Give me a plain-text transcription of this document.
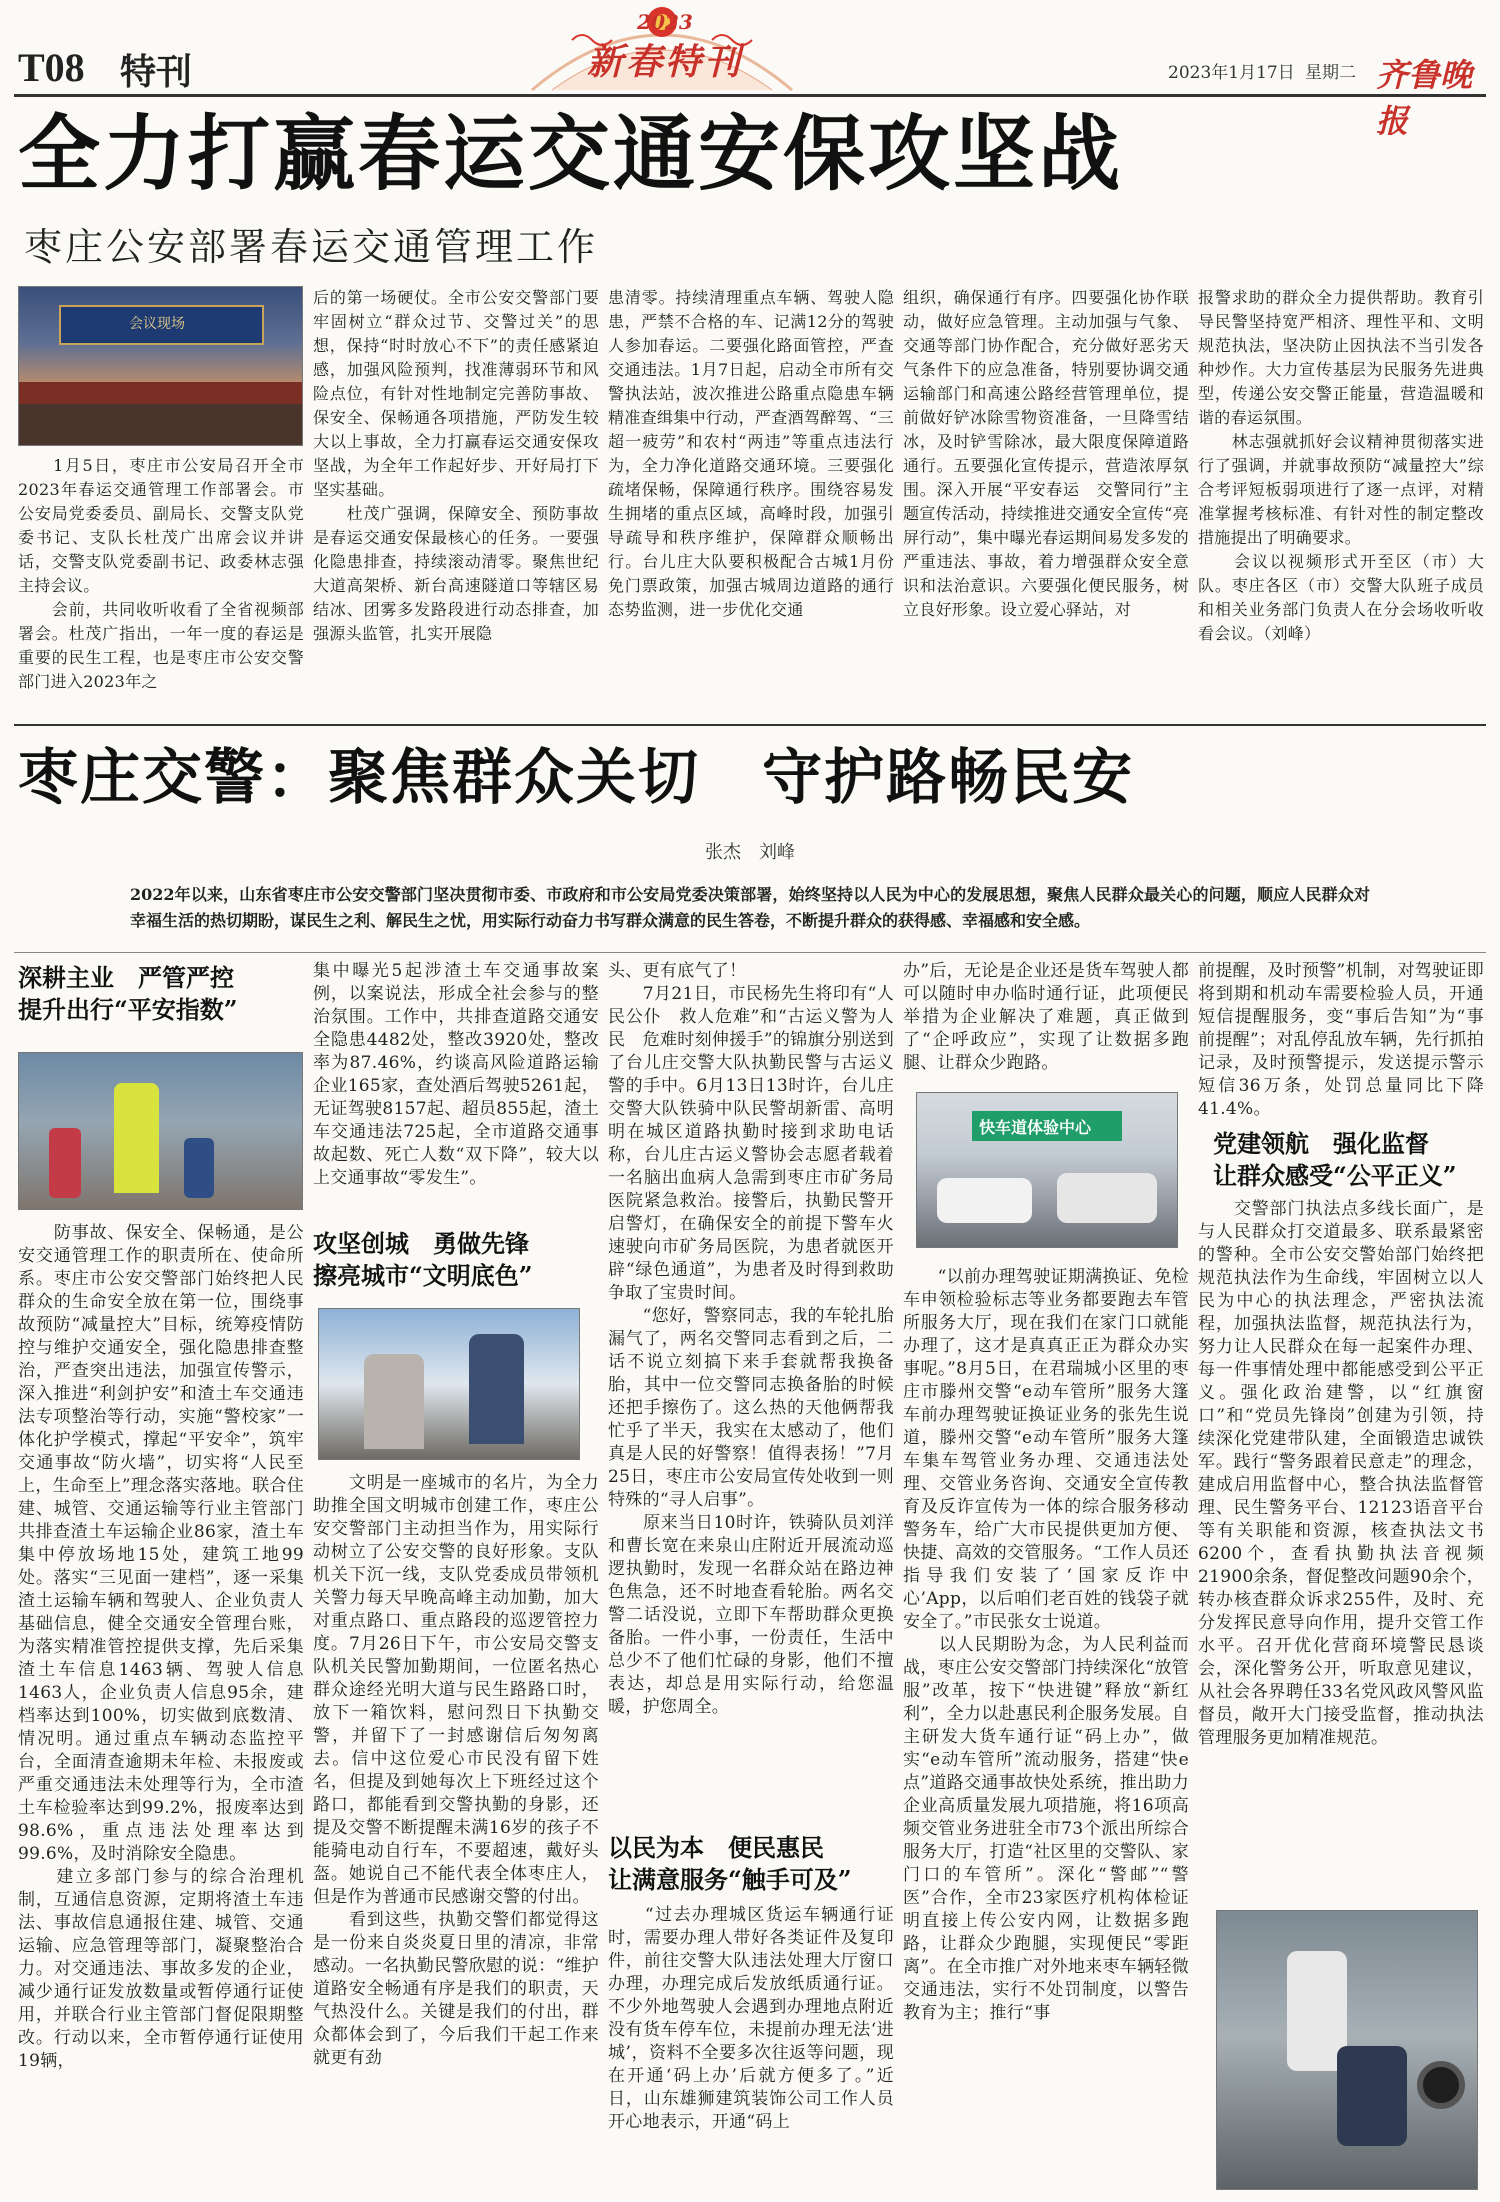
T08 特刊
2023
新春特刊	2023年1月17日 星期二 齐鲁晚报
全力打赢春运交通安保攻坚战
枣庄公安部署春运交通管理工作
会议现场
　　1月5日，枣庄市公安局召开全市2023年春运交通管理工作部署会。市公安局党委委员、副局长、交警支队党委书记、支队长杜茂广出席会议并讲话，交警支队党委副书记、政委林志强主持会议。
　　会前，共同收听收看了全省视频部署会。杜茂广指出，一年一度的春运是重要的民生工程，也是枣庄市公安交警部门进入2023年之
后的第一场硬仗。全市公安交警部门要牢固树立“群众过节、交警过关”的思想，保持“时时放心不下”的责任感紧迫感，加强风险预判，找准薄弱环节和风险点位，有针对性地制定完善防事故、保安全、保畅通各项措施，严防发生较大以上事故，全力打赢春运交通安保攻坚战，为全年工作起好步、开好局打下坚实基础。
　　杜茂广强调，保障安全、预防事故是春运交通安保最核心的任务。一要强化隐患排查，持续滚动清零。聚焦世纪大道高架桥、新台高速隧道口等辖区易结冰、团雾多发路段进行动态排查，加强源头监管，扎实开展隐
患清零。持续清理重点车辆、驾驶人隐患，严禁不合格的车、记满12分的驾驶人参加春运。二要强化路面管控，严查交通违法。1月7日起，启动全市所有交警执法站，波次推进公路重点隐患车辆精准查缉集中行动，严查酒驾醉驾、“三超一疲劳”和农村“两违”等重点违法行为，全力净化道路交通环境。三要强化疏堵保畅，保障通行秩序。围绕容易发生拥堵的重点区域，高峰时段，加强引导疏导和秩序维护，保障群众顺畅出行。台儿庄大队要积极配合古城1月份免门票政策，加强古城周边道路的通行态势监测，进一步优化交通
组织，确保通行有序。四要强化协作联动，做好应急管理。主动加强与气象、交通等部门协作配合，充分做好恶劣天气条件下的应急准备，特别要协调交通运输部门和高速公路经营管理单位，提前做好铲冰除雪物资准备，一旦降雪结冰，及时铲雪除冰，最大限度保障道路通行。五要强化宣传提示，营造浓厚氛围。深入开展“平安春运　交警同行”主题宣传活动，持续推进交通安全宣传“亮屏行动”，集中曝光春运期间易发多发的严重违法、事故，着力增强群众安全意识和法治意识。六要强化便民服务，树立良好形象。设立爱心驿站，对
报警求助的群众全力提供帮助。教育引导民警坚持宽严相济、理性平和、文明规范执法，坚决防止因执法不当引发各种炒作。大力宣传基层为民服务先进典型，传递公安交警正能量，营造温暖和谐的春运氛围。
　　林志强就抓好会议精神贯彻落实进行了强调，并就事故预防“减量控大”综合考评短板弱项进行了逐一点评，对精准掌握考核标准、有针对性的制定整改措施提出了明确要求。
　　会议以视频形式开至区（市）大队。枣庄各区（市）交警大队班子成员和相关业务部门负责人在分会场收听收看会议。（刘峰）
枣庄交警：聚焦群众关切　守护路畅民安
张杰　刘峰
2022年以来，山东省枣庄市公安交警部门坚决贯彻市委、市政府和市公安局党委决策部署，始终坚持以人民为中心的发展思想，聚焦人民群众最关心的问题，顺应人民群众对幸福生活的热切期盼，谋民生之利、解民生之忧，用实际行动奋力书写群众满意的民生答卷，不断提升群众的获得感、幸福感和安全感。
深耕主业　严管严控
提升出行“平安指数”
　　防事故、保安全、保畅通，是公安交通管理工作的职责所在、使命所系。枣庄市公安交警部门始终把人民群众的生命安全放在第一位，围绕事故预防“减量控大”目标，统筹疫情防控与维护交通安全，强化隐患排查整治，严查突出违法，加强宣传警示，深入推进“利剑护安”和渣土车交通违法专项整治等行动，实施“警校家”一体化护学模式，撑起“平安伞”，筑牢交通事故“防火墙”，切实将“人民至上，生命至上”理念落实落地。联合住建、城管、交通运输等行业主管部门共排查渣土车运输企业86家，渣土车集中停放场地15处，建筑工地99处。落实“三见面一建档”，逐一采集渣土运输车辆和驾驶人、企业负责人基础信息，健全交通安全管理台账，为落实精准管控提供支撑，先后采集渣土车信息1463辆、驾驶人信息1463人，企业负责人信息95余，建档率达到100%，切实做到底数清、情况明。通过重点车辆动态监控平台，全面清查逾期未年检、未报废或严重交通违法未处理等行为，全市渣土车检验率达到99.2%，报废率达到98.6%，重点违法处理率达到99.6%，及时消除安全隐患。
　　建立多部门参与的综合治理机制，互通信息资源，定期将渣土车违法、事故信息通报住建、城管、交通运输、应急管理等部门，凝聚整治合力。对交通违法、事故多发的企业，减少通行证发放数量或暂停通行证使用，并联合行业主管部门督促限期整改。行动以来，全市暂停通行证使用19辆，
集中曝光5起涉渣土车交通事故案例，以案说法，形成全社会参与的整治氛围。工作中，共排查道路交通安全隐患4482处，整改3920处，整改率为87.46%，约谈高风险道路运输企业165家，查处酒后驾驶5261起，无证驾驶8157起、超员855起，渣土车交通违法725起，全市道路交通事故起数、死亡人数“双下降”，较大以上交通事故“零发生”。
攻坚创城　勇做先锋
擦亮城市“文明底色”
　　文明是一座城市的名片，为全力助推全国文明城市创建工作，枣庄公安交警部门主动担当作为，用实际行动树立了公安交警的良好形象。支队机关下沉一线，支队党委成员带领机关警力每天早晚高峰主动加勤，加大对重点路口、重点路段的巡逻管控力度。7月26日下午，市公安局交警支队机关民警加勤期间，一位匿名热心群众途经光明大道与民生路路口时，放下一箱饮料，慰问烈日下执勤交警，并留下了一封感谢信后匆匆离去。信中这位爱心市民没有留下姓名，但提及到她每次上下班经过这个路口，都能看到交警执勤的身影，还提及交警不断提醒未满16岁的孩子不能骑电动自行车，不要超速，戴好头盔。她说自己不能代表全体枣庄人，但是作为普通市民感谢交警的付出。
　　看到这些，执勤交警们都觉得这是一份来自炎炎夏日里的清凉，非常感动。一名执勤民警欣慰的说：“维护道路安全畅通有序是我们的职责，天气热没什么。关键是我们的付出，群众都体会到了，今后我们干起工作来就更有劲
头、更有底气了！
　　7月21日，市民杨先生将印有“人民公仆　救人危难”和“古运义警为人民　危难时刻伸援手”的锦旗分别送到了台儿庄交警大队执勤民警与古运义警的手中。6月13日13时许，台儿庄交警大队铁骑中队民警胡新雷、高明明在城区道路执勤时接到求助电话称，台儿庄古运义警协会志愿者载着一名脑出血病人急需到枣庄市矿务局医院紧急救治。接警后，执勤民警开启警灯，在确保安全的前提下警车火速驶向市矿务局医院，为患者就医开辟“绿色通道”，为患者及时得到救助争取了宝贵时间。
　　“您好，警察同志，我的车轮扎胎漏气了，两名交警同志看到之后，二话不说立刻搞下来手套就帮我换备胎，其中一位交警同志换备胎的时候还把手擦伤了。这么热的天他俩帮我忙乎了半天，我实在太感动了，他们真是人民的好警察！值得表扬！”7月25日，枣庄市公安局宣传处收到一则特殊的“寻人启事”。
　　原来当日10时许，铁骑队员刘洋和曹长宽在来泉山庄附近开展流动巡逻执勤时，发现一名群众站在路边神色焦急，还不时地查看轮胎。两名交警二话没说，立即下车帮助群众更换备胎。一件小事，一份责任，生活中总少不了他们忙碌的身影，他们不擅表达，却总是用实际行动，给您温暖，护您周全。
以民为本　便民惠民
让满意服务“触手可及”
　　“过去办理城区货运车辆通行证时，需要办理人带好各类证件及复印件，前往交警大队违法处理大厅窗口办理，办理完成后发放纸质通行证。不少外地驾驶人会遇到办理地点附近没有货车停车位，未提前办理无法‘进城’，资料不全要多次往返等问题，现在开通‘码上办’后就方便多了。”近日，山东雄狮建筑装饰公司工作人员开心地表示，开通“码上
办”后，无论是企业还是货车驾驶人都可以随时申办临时通行证，此项便民举措为企业解决了难题，真正做到了“企呼政应”，实现了让数据多跑腿、让群众少跑路。
快车道体验中心
　　“以前办理驾驶证期满换证、免检车申领检验标志等业务都要跑去车管所服务大厅，现在我们在家门口就能办理了，这才是真真正正为群众办实事呢。”8月5日，在君瑞城小区里的枣庄市滕州交警“e动车管所”服务大篷车前办理驾驶证换证业务的张先生说道，滕州交警“e动车管所”服务大篷车集车驾管业务办理、交通违法处理、交管业务咨询、交通安全宣传教育及反诈宣传为一体的综合服务移动警务车，给广大市民提供更加方便、快捷、高效的交管服务。“工作人员还指导我们安装了‘国家反诈中心’App，以后咱们老百姓的钱袋子就安全了。”市民张女士说道。
　　以人民期盼为念，为人民利益而战，枣庄公安交警部门持续深化“放管服”改革，按下“快进键”释放“新红利”，全力以赴惠民利企服务发展。自主研发大货车通行证“码上办”，做实“e动车管所”流动服务，搭建“快e点”道路交通事故快处系统，推出助力企业高质量发展九项措施，将16项高频交管业务进驻全市73个派出所综合服务大厅，打造“社区里的交警队、家门口的车管所”。深化“警邮”“警医”合作，全市23家医疗机构体检证明直接上传公安内网，让数据多跑路，让群众少跑腿，实现便民“零距离”。在全市推广对外地来枣车辆轻微交通违法，实行不处罚制度，以警告教育为主；推行“事
前提醒，及时预警”机制，对驾驶证即将到期和机动车需要检验人员，开通短信提醒服务，变“事后告知”为“事前提醒”；对乱停乱放车辆，先行抓拍记录，及时预警提示，发送提示警示短信36万条，处罚总量同比下降41.4%。
党建领航　强化监督
让群众感受“公平正义”
　　交警部门执法点多线长面广，是与人民群众打交道最多、联系最紧密的警种。全市公安交警始部门始终把规范执法作为生命线，牢固树立以人民为中心的执法理念，严密执法流程，加强执法监督，规范执法行为，努力让人民群众在每一起案件办理、每一件事情处理中都能感受到公平正义。强化政治建警，以“红旗窗口”和“党员先锋岗”创建为引领，持续深化党建带队建，全面锻造忠诚铁军。践行“警务跟着民意走”的理念，建成启用监督中心，整合执法监督管理、民生警务平台、12123语音平台等有关职能和资源，核查执法文书6200个，查看执勤执法音视频21900余条，督促整改问题90余个，转办核查群众诉求255件，及时、充分发挥民意导向作用，提升交管工作水平。召开优化营商环境警民恳谈会，深化警务公开，听取意见建议，从社会各界聘任33名党风政风警风监督员，敞开大门接受监督，推动执法管理服务更加精准规范。
